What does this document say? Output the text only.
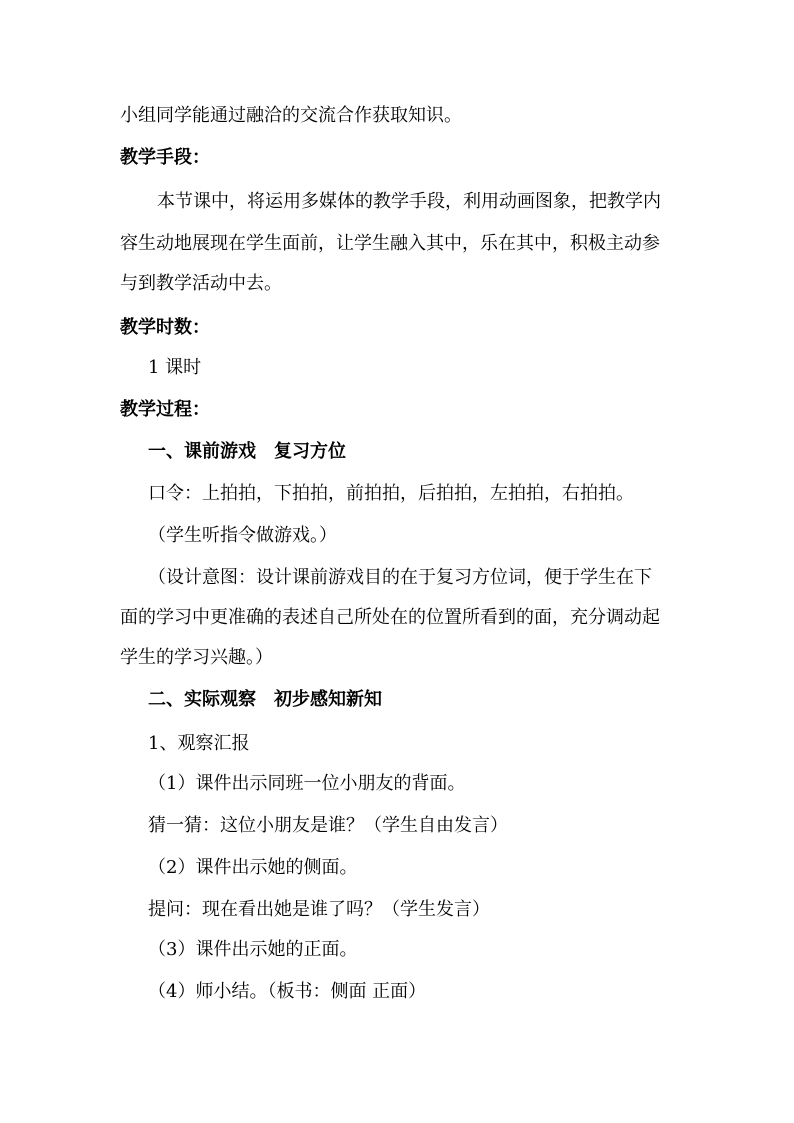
小组同学能通过融洽的交流合作获取知识。
教学手段：
本节课中，将运用多媒体的教学手段，利用动画图象，把教学内
容生动地展现在学生面前，让学生融入其中，乐在其中，积极主动参
与到教学活动中去。
教学时数：
1 课时
教学过程：
一、课前游戏　复习方位
口令：上拍拍，下拍拍，前拍拍，后拍拍，左拍拍，右拍拍。
（学生听指令做游戏。）
（设计意图：设计课前游戏目的在于复习方位词，便于学生在下
面的学习中更准确的表述自己所处在的位置所看到的面，充分调动起
学生的学习兴趣。）
二、实际观察　初步感知新知
1、观察汇报
（1）课件出示同班一位小朋友的背面。
猜一猜：这位小朋友是谁？（学生自由发言）
（2）课件出示她的侧面。
提问：现在看出她是谁了吗？（学生发言）
（3）课件出示她的正面。
（4）师小结。（板书：侧面 正面）
